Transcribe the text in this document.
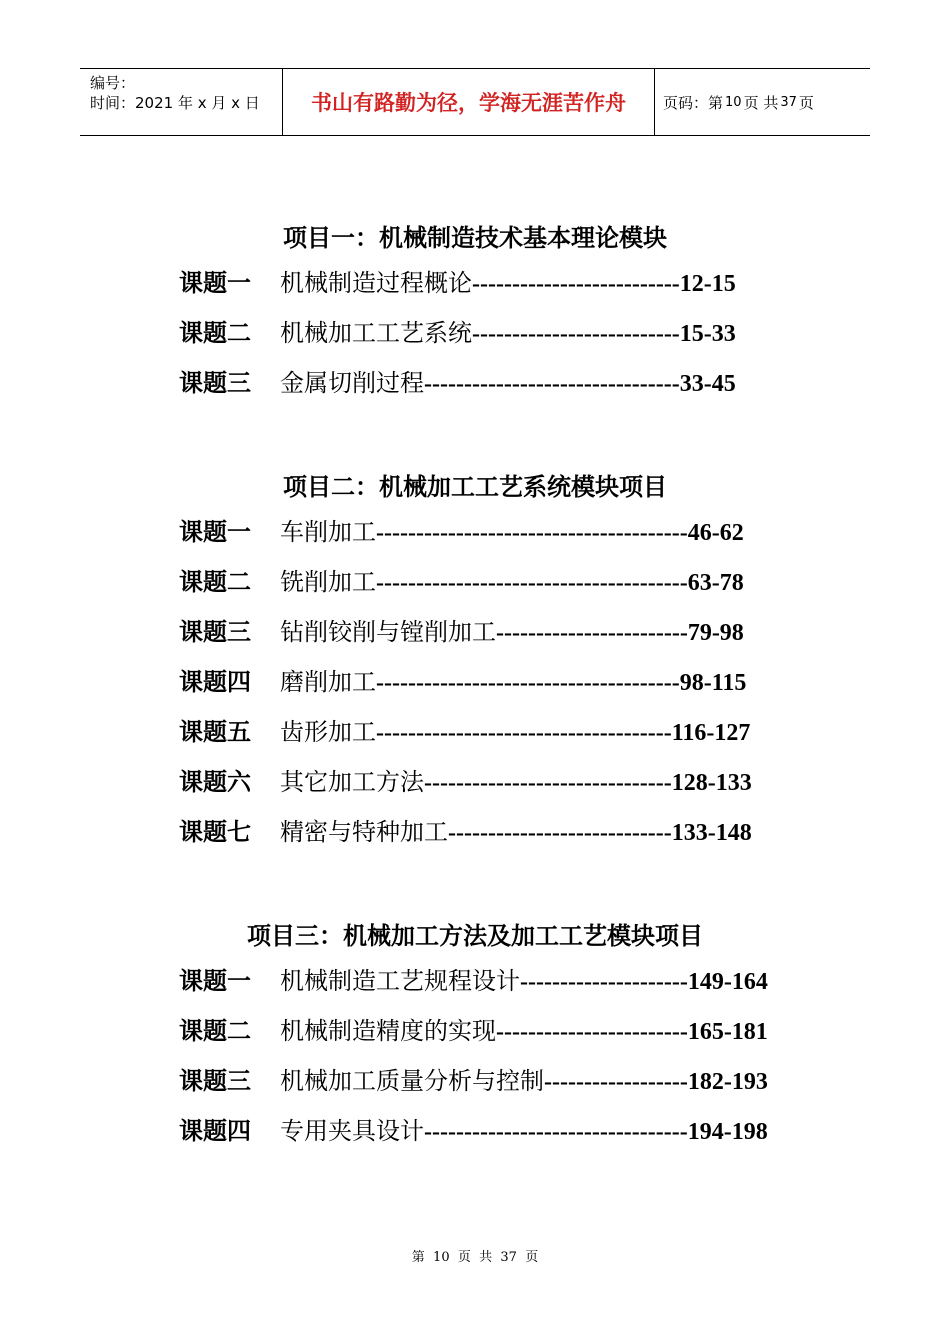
编号：
时间：2021 年 x 月 x 日	书山有路勤为径，学海无涯苦作舟 页码：第 10 页 共 37 页
项目一：机械制造技术基本理论模块
课题一 机械制造过程概论--------------------------12-15
课题二 机械加工工艺系统--------------------------15-33
课题三 金属切削过程--------------------------------33-45
项目二：机械加工工艺系统模块项目
课题一 车削加工---------------------------------------46-62
课题二 铣削加工---------------------------------------63-78
课题三 钻削铰削与镗削加工------------------------79-98
课题四 磨削加工--------------------------------------98-115
课题五 齿形加工-------------------------------------116-127
课题六 其它加工方法-------------------------------128-133
课题七 精密与特种加工----------------------------133-148
项目三：机械加工方法及加工工艺模块项目
课题一 机械制造工艺规程设计---------------------149-164
课题二 机械制造精度的实现------------------------165-181
课题三 机械加工质量分析与控制------------------182-193
课题四 专用夹具设计---------------------------------194-198
第  10  页  共  37  页
